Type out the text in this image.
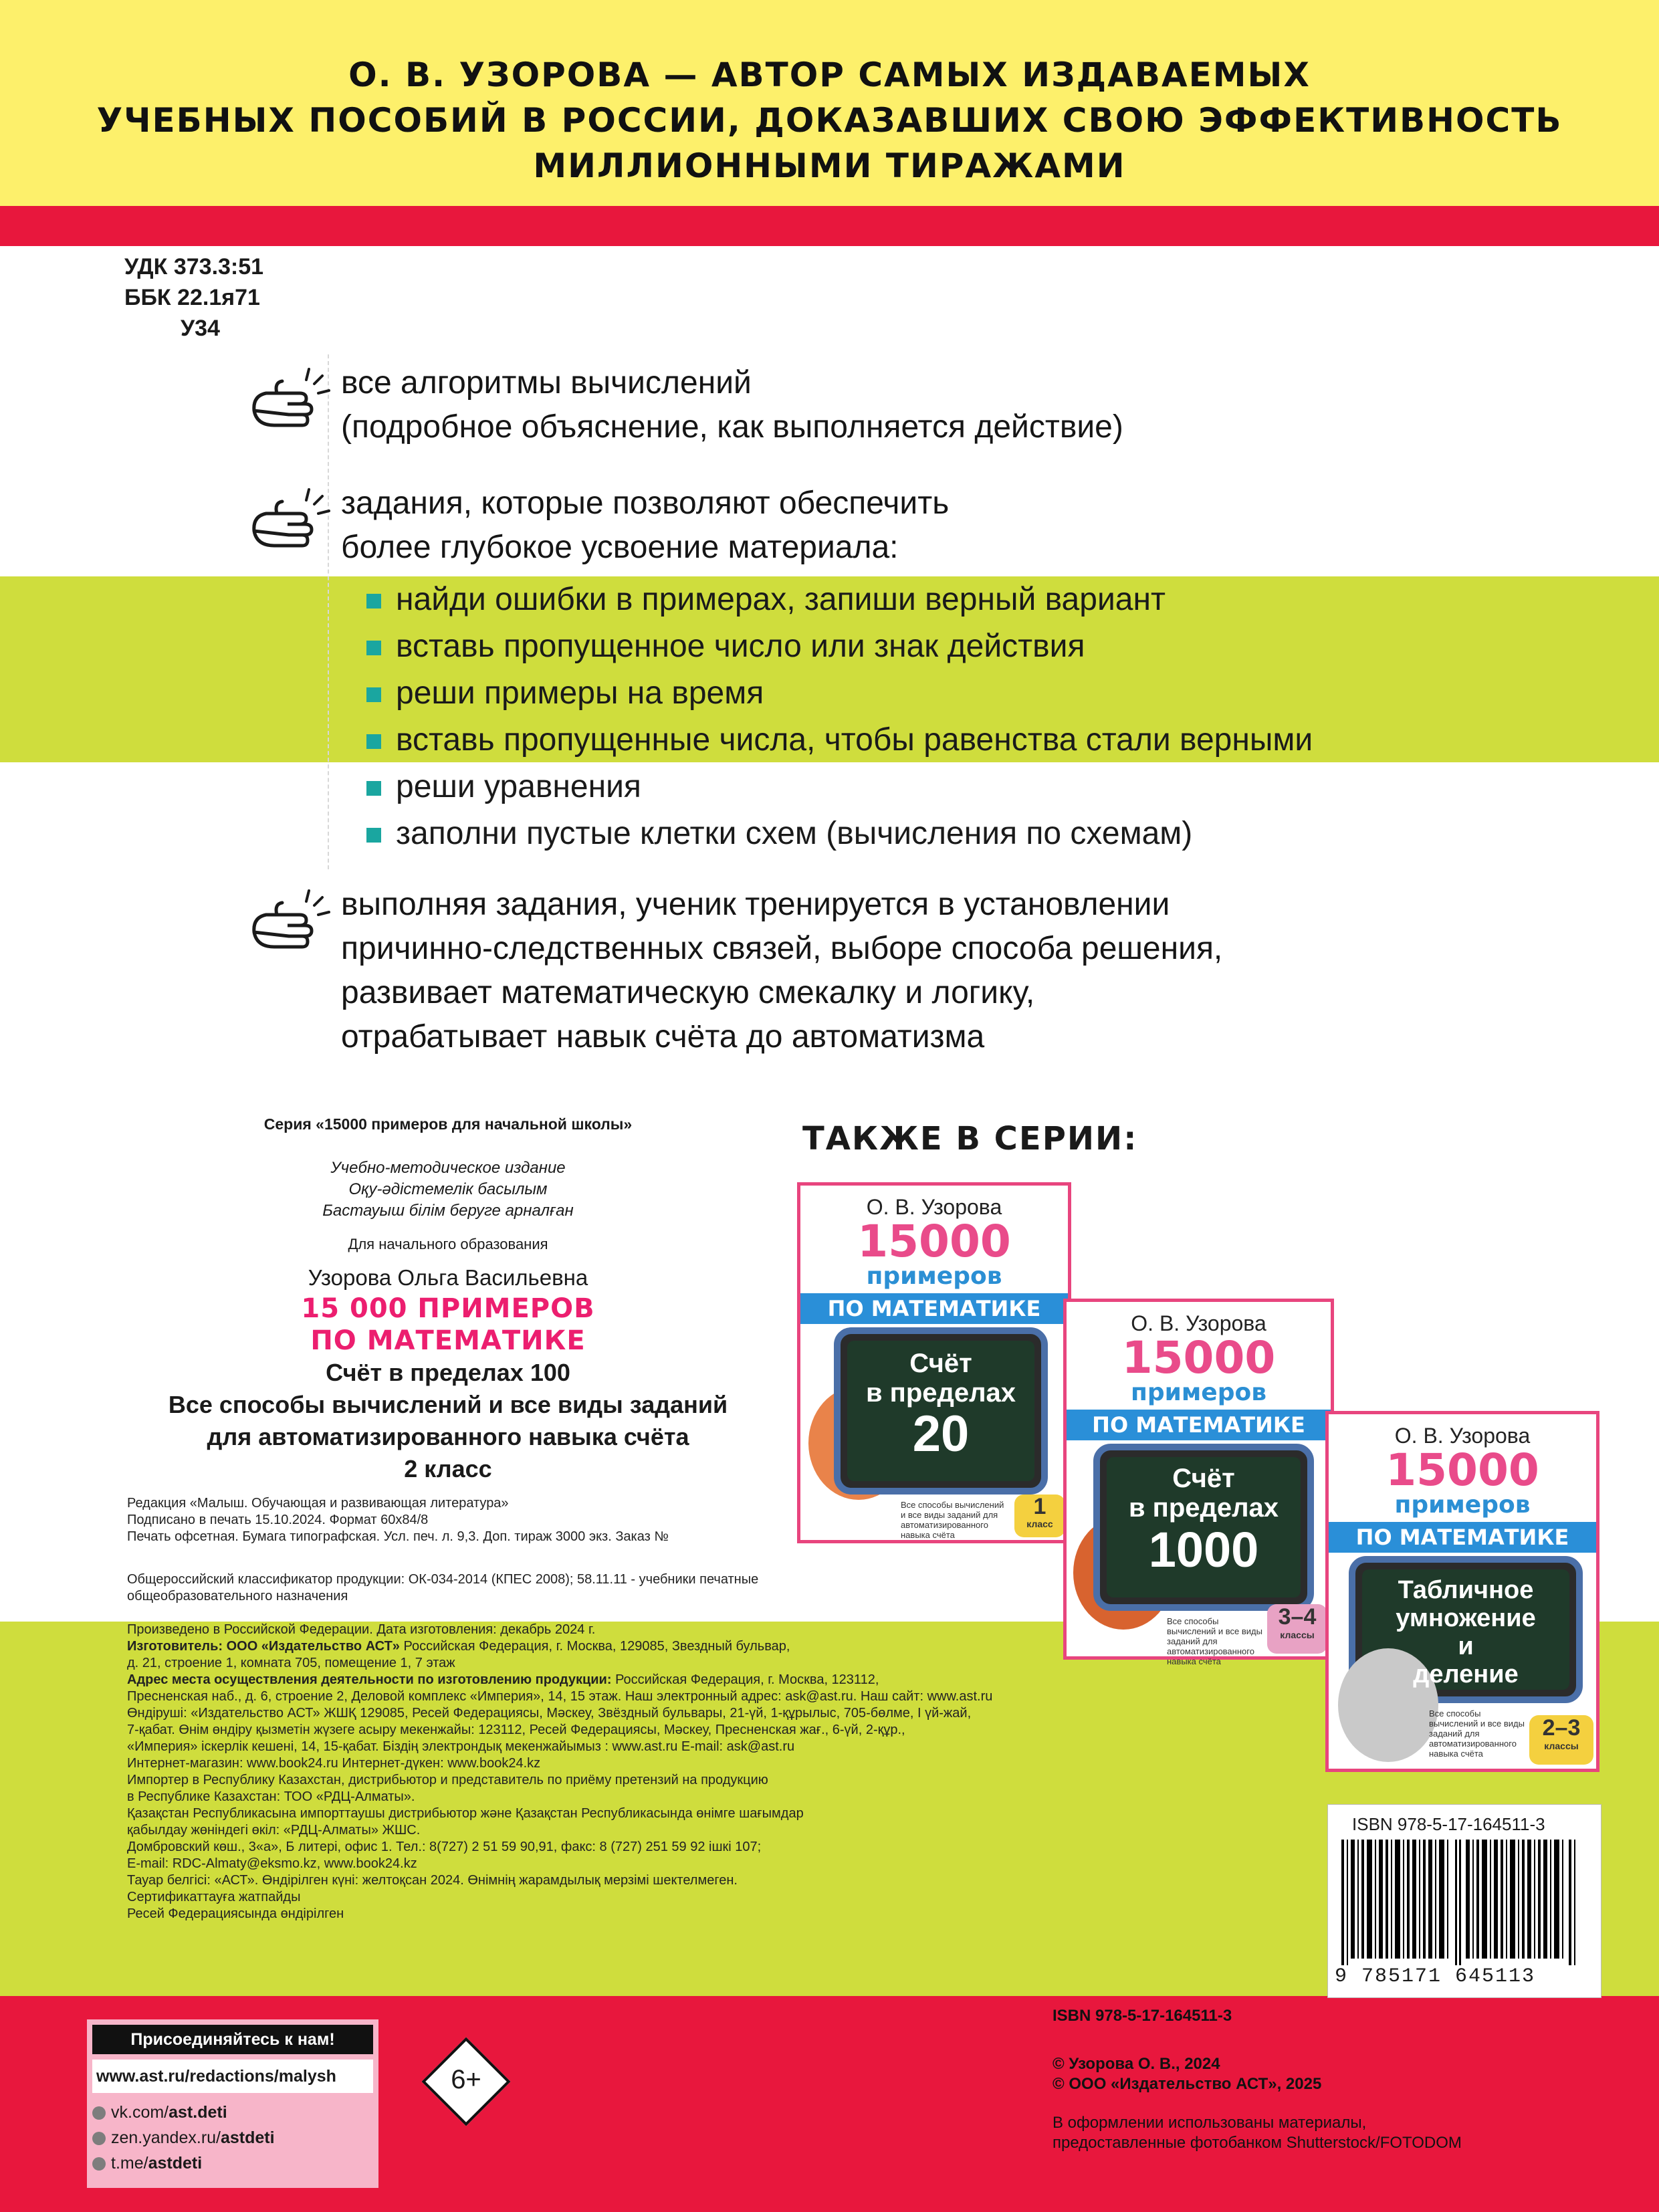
О. В. УЗОРОВА — АВТОР САМЫХ ИЗДАВАЕМЫХ
УЧЕБНЫХ ПОСОБИЙ В РОССИИ, ДОКАЗАВШИХ СВОЮ ЭФФЕКТИВНОСТЬ
МИЛЛИОННЫМИ ТИРАЖАМИ
УДК 373.3:51
ББК 22.1я71
У34
все алгоритмы вычислений
(подробное объяснение, как выполняется действие)
задания, которые позволяют обеспечить
более глубокое усвоение материала:
найди ошибки в примерах, запиши верный вариант
вставь пропущенное число или знак действия
реши примеры на время
вставь пропущенные числа, чтобы равенства стали верными
реши уравнения
заполни пустые клетки схем (вычисления по схемам)
выполняя задания, ученик тренируется в установлении
причинно-следственных связей, выборе способа решения,
развивает математическую смекалку и логику,
отрабатывает навык счёта до автоматизма
Серия «15000 примеров для начальной школы»
Учебно-методическое издание
Оқу-әдістемелік басылым
Бастауыш білім беруге арналған
Для начального образования
Узорова Ольга Васильевна
15 000 ПРИМЕРОВ
ПО МАТЕМАТИКЕ
Счёт в пределах 100
Все способы вычислений и все виды заданий
для автоматизированного навыка счёта
2 класс
Редакция «Малыш. Обучающая и развивающая литература»
Подписано в печать 15.10.2024. Формат 60x84/8
Печать офсетная. Бумага типографская. Усл. печ. л. 9,3. Доп. тираж 3000 экз. Заказ №
Общероссийский классификатор продукции: ОК-034-2014 (КПЕС 2008); 58.11.11 - учебники печатные
общеобразовательного назначения
Произведено в Российской Федерации. Дата изготовления: декабрь 2024 г.
Изготовитель: ООО «Издательство АСТ» Российская Федерация, г. Москва, 129085, Звездный бульвар,
д. 21, строение 1, комната 705, помещение 1, 7 этаж
Адрес места осуществления деятельности по изготовлению продукции: Российская Федерация, г. Москва, 123112,
Пресненская наб., д. 6, строение 2, Деловой комплекс «Империя», 14, 15 этаж. Наш электронный адрес: ask@ast.ru. Наш сайт: www.ast.ru
Өндіруші: «Издательство АСТ» ЖШҚ 129085, Ресей Федерациясы, Мәскеу, Звёздный бульвары, 21-үй, 1-құрылыс, 705-бөлме, I үй-жай,
7-қабат. Өнім өндіру қызметін жүзеге асыру мекенжайы: 123112, Ресей Федерациясы, Мәскеу, Пресненская жағ., 6-үй, 2-құр.,
«Империя» іскерлік кешені, 14, 15-қабат. Біздің электрондық мекенжайымыз : www.ast.ru E-mail: ask@ast.ru
Интернет-магазин: www.book24.ru Интернет-дүкен: www.book24.kz
Импортер в Республику Казахстан, дистрибьютор и представитель по приёму претензий на продукцию
в Республике Казахстан: ТОО «РДЦ-Алматы».
Қазақстан Республикасына импорттаушы дистрибьютор және Қазақстан Республикасында өнімге шағымдар
қабылдау жөніндегі өкіл: «РДЦ-Алматы» ЖШС.
Домбровский көш., 3«а», Б литері, офис 1. Тел.: 8(727) 2 51 59 90,91, факс: 8 (727) 251 59 92 ішкі 107;
E-mail: RDC-Almaty@eksmo.kz, www.book24.kz
Тауар белгісі: «АСТ». Өндірілген күні: желтоқсан 2024. Өнімнің жарамдылық мерзімі шектелмеген.
Сертификаттауға жатпайды
Ресей Федерациясында өндірілген
ТАКЖЕ В СЕРИИ:
О. В. Узорова
15000
примеров
ПО МАТЕМАТИКЕ
Счёт
в пределах
20
Все способы вычислений и все виды заданий для автоматизированного навыка счёта
1
класс
О. В. Узорова
15000
примеров
ПО МАТЕМАТИКЕ
Счёт
в пределах
1000
Все способы вычислений и все виды заданий для автоматизированного навыка счёта
3–4
классы
О. В. Узорова
15000
примеров
ПО МАТЕМАТИКЕ
Табличное
умножение
и
деление
Все способы вычислений и все виды заданий для автоматизированного навыка счёта
2–3
классы
ISBN 978-5-17-164511-3
9 785171 645113
Присоединяйтесь к нам!
www.ast.ru/redactions/malysh
vk.com/ast.deti
zen.yandex.ru/astdeti
t.me/astdeti
6+
ISBN 978-5-17-164511-3
© Узорова О. В., 2024
© ООО «Издательство АСТ», 2025
В оформлении использованы материалы,
предоставленные фотобанком Shutterstock/FOTODOM
